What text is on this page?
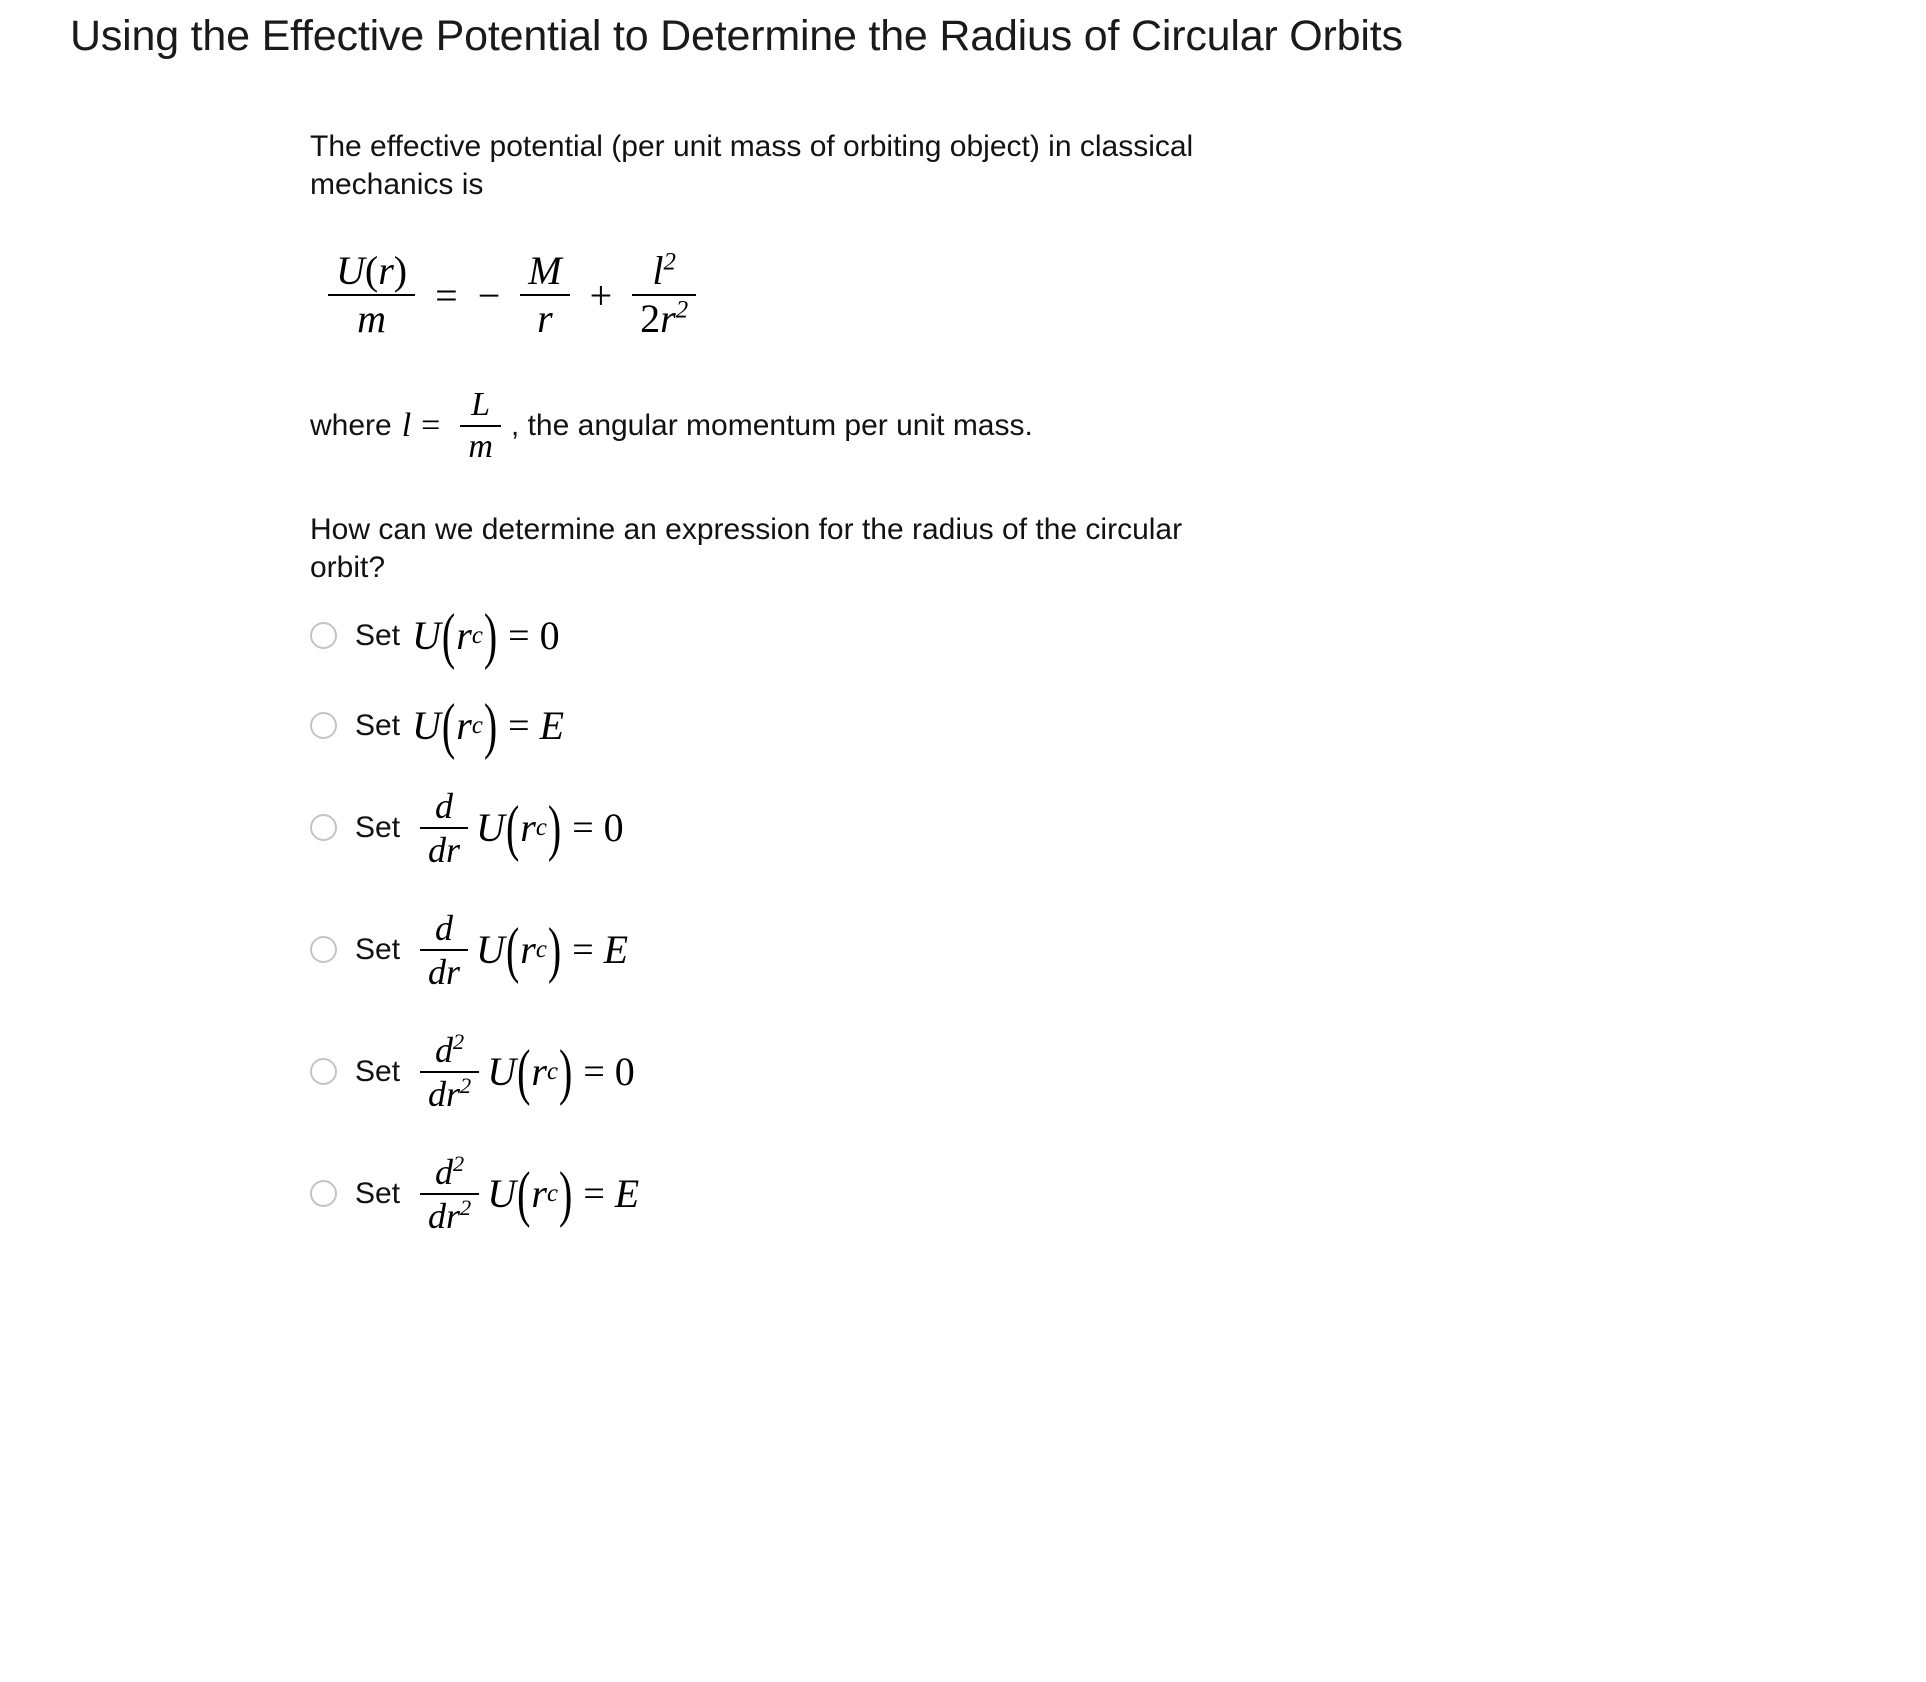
Using the Effective Potential to Determine the Radius of Circular Orbits
The effective potential (per unit mass of orbiting object) in classical mechanics is
$\frac{U(r)}{m}$ = − $\frac{M}{r} + \frac{l^2}{2r^2}$
where $l = \frac{L}{m}$ , the angular momentum per unit mass.
How can we determine an expression for the radius of the circular orbit?
Set U ( r c ) = 0
Set U ( r c ) = E
Set $\frac{d}{dr}$ U ( r c ) = 0
Set $\frac{d}{dr}$ U ( r c ) = E
Set $\frac{d^2}{dr^2}$ U ( r c ) = 0
Set $\frac{d^2}{dr^2}$ U ( r c ) = E
